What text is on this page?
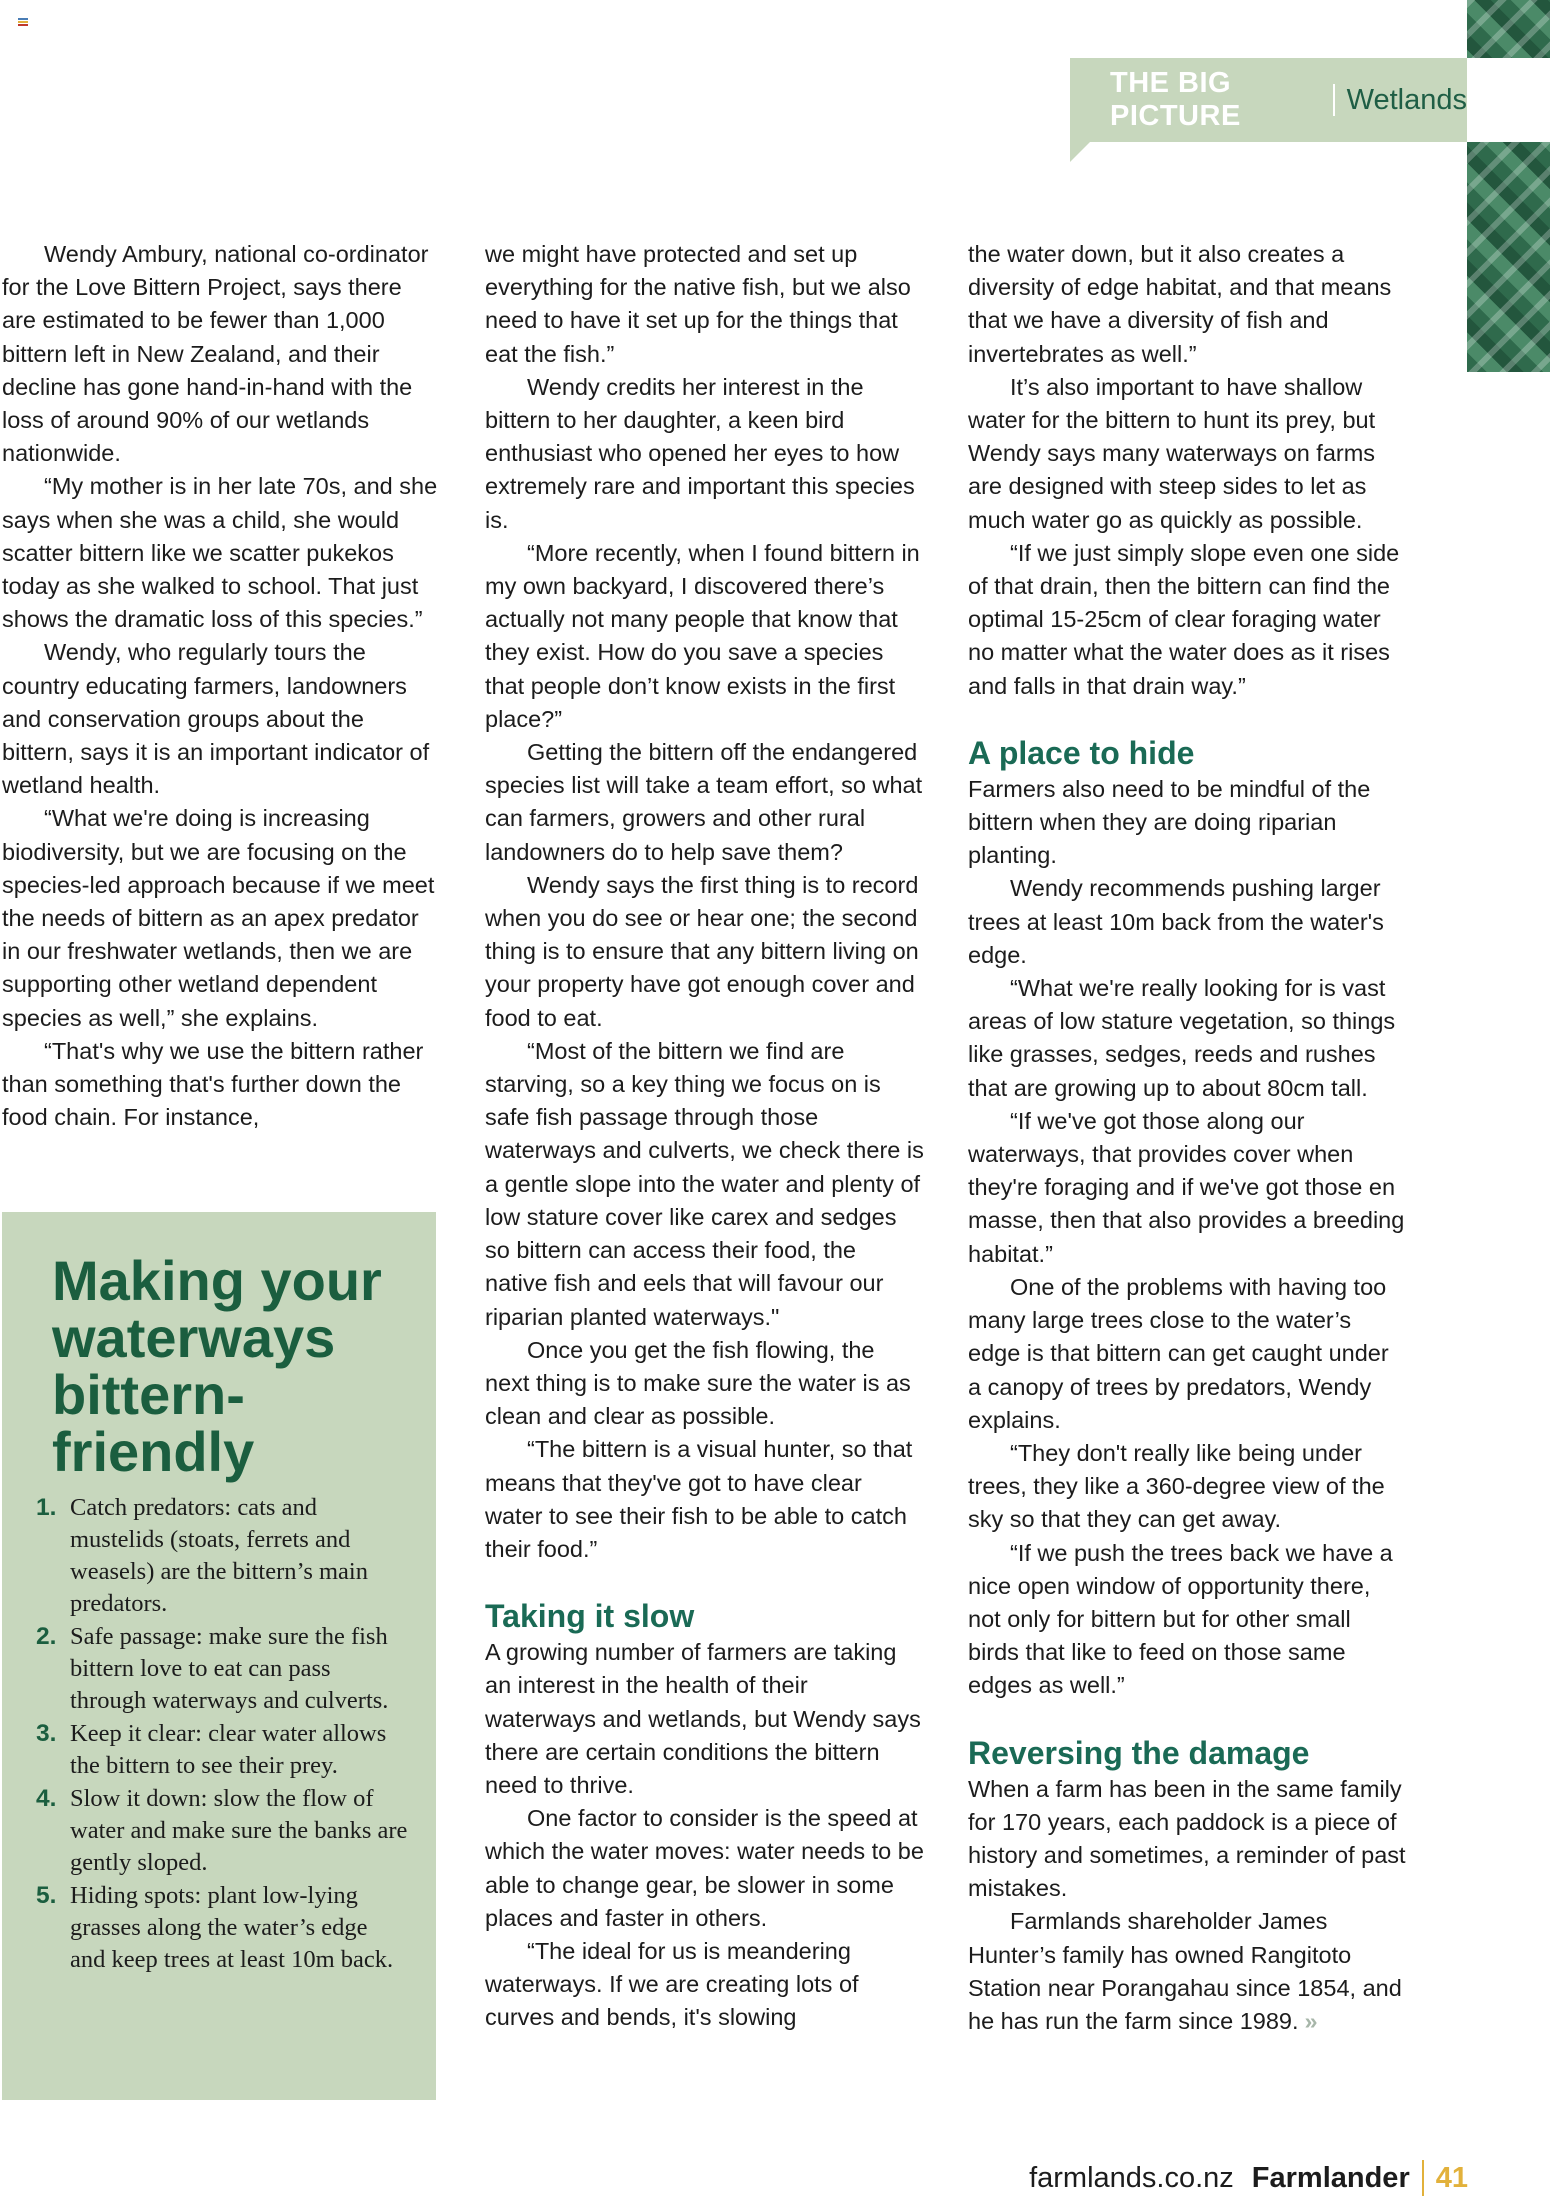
THE BIG PICTURE
Wetlands

Wendy Ambury, national co-ordinator for the Love Bittern Project, says there are estimated to be fewer than 1,000 bittern left in New Zealand, and their decline has gone hand-in-hand with the loss of around 90% of our wetlands nationwide.

“My mother is in her late 70s, and she says when she was a child, she would scatter bittern like we scatter pukekos today as she walked to school. That just shows the dramatic loss of this species.”

Wendy, who regularly tours the country educating farmers, landowners and conservation groups about the bittern, says it is an important indicator of wetland health.

“What we're doing is increasing biodiversity, but we are focusing on the species-led approach because if we meet the needs of bittern as an apex predator in our freshwater wetlands, then we are supporting other wetland dependent species as well,” she explains.

“That's why we use the bittern rather than something that's further down the food chain. For instance,

we might have protected and set up everything for the native fish, but we also need to have it set up for the things that eat the fish.”

Wendy credits her interest in the bittern to her daughter, a keen bird enthusiast who opened her eyes to how extremely rare and important this species is.

“More recently, when I found bittern in my own backyard, I discovered there’s actually not many people that know that they exist. How do you save a species that people don’t know exists in the first place?”

Getting the bittern off the endangered species list will take a team effort, so what can farmers, growers and other rural landowners do to help save them?

Wendy says the first thing is to record when you do see or hear one; the second thing is to ensure that any bittern living on your property have got enough cover and food to eat.

“Most of the bittern we find are starving, so a key thing we focus on is safe fish passage through those waterways and culverts, we check there is a gentle slope into the water and plenty of low stature cover like carex and sedges so bittern can access their food, the native fish and eels that will favour our riparian planted waterways."

Once you get the fish flowing, the next thing is to make sure the water is as clean and clear as possible.

“The bittern is a visual hunter, so that means that they've got to have clear water to see their fish to be able to catch their food.”

Taking it slow

A growing number of farmers are taking an interest in the health of their waterways and wetlands, but Wendy says there are certain conditions the bittern need to thrive.

One factor to consider is the speed at which the water moves: water needs to be able to change gear, be slower in some places and faster in others.

“The ideal for us is meandering waterways. If we are creating lots of curves and bends, it's slowing

the water down, but it also creates a diversity of edge habitat, and that means that we have a diversity of fish and invertebrates as well.”

It’s also important to have shallow water for the bittern to hunt its prey, but Wendy says many waterways on farms are designed with steep sides to let as much water go as quickly as possible.

“If we just simply slope even one side of that drain, then the bittern can find the optimal 15-25cm of clear foraging water no matter what the water does as it rises and falls in that drain way.”

A place to hide

Farmers also need to be mindful of the bittern when they are doing riparian planting.

Wendy recommends pushing larger trees at least 10m back from the water's edge.

“What we're really looking for is vast areas of low stature vegetation, so things like grasses, sedges, reeds and rushes that are growing up to about 80cm tall.

“If we've got those along our waterways, that provides cover when they're foraging and if we've got those en masse, then that also provides a breeding habitat.”

One of the problems with having too many large trees close to the water’s edge is that bittern can get caught under a canopy of trees by predators, Wendy explains.

“They don't really like being under trees, they like a 360-degree view of the sky so that they can get away.

“If we push the trees back we have a nice open window of opportunity there, not only for bittern but for other small birds that like to feed on those same edges as well.”

Reversing the damage

When a farm has been in the same family for 170 years, each paddock is a piece of history and sometimes, a reminder of past mistakes.

Farmlands shareholder James Hunter’s family has owned Rangitoto Station near Porangahau since 1854, and he has run the farm since 1989. »

Making your waterways bittern-friendly
1. Catch predators: cats and mustelids (stoats, ferrets and weasels) are the bittern’s main predators.
2. Safe passage: make sure the fish bittern love to eat can pass through waterways and culverts.
3. Keep it clear: clear water allows the bittern to see their prey.
4. Slow it down: slow the flow of water and make sure the banks are gently sloped.
5. Hiding spots: plant low-lying grasses along the water’s edge and keep trees at least 10m back.
farmlands.co.nz Farmlander 41
